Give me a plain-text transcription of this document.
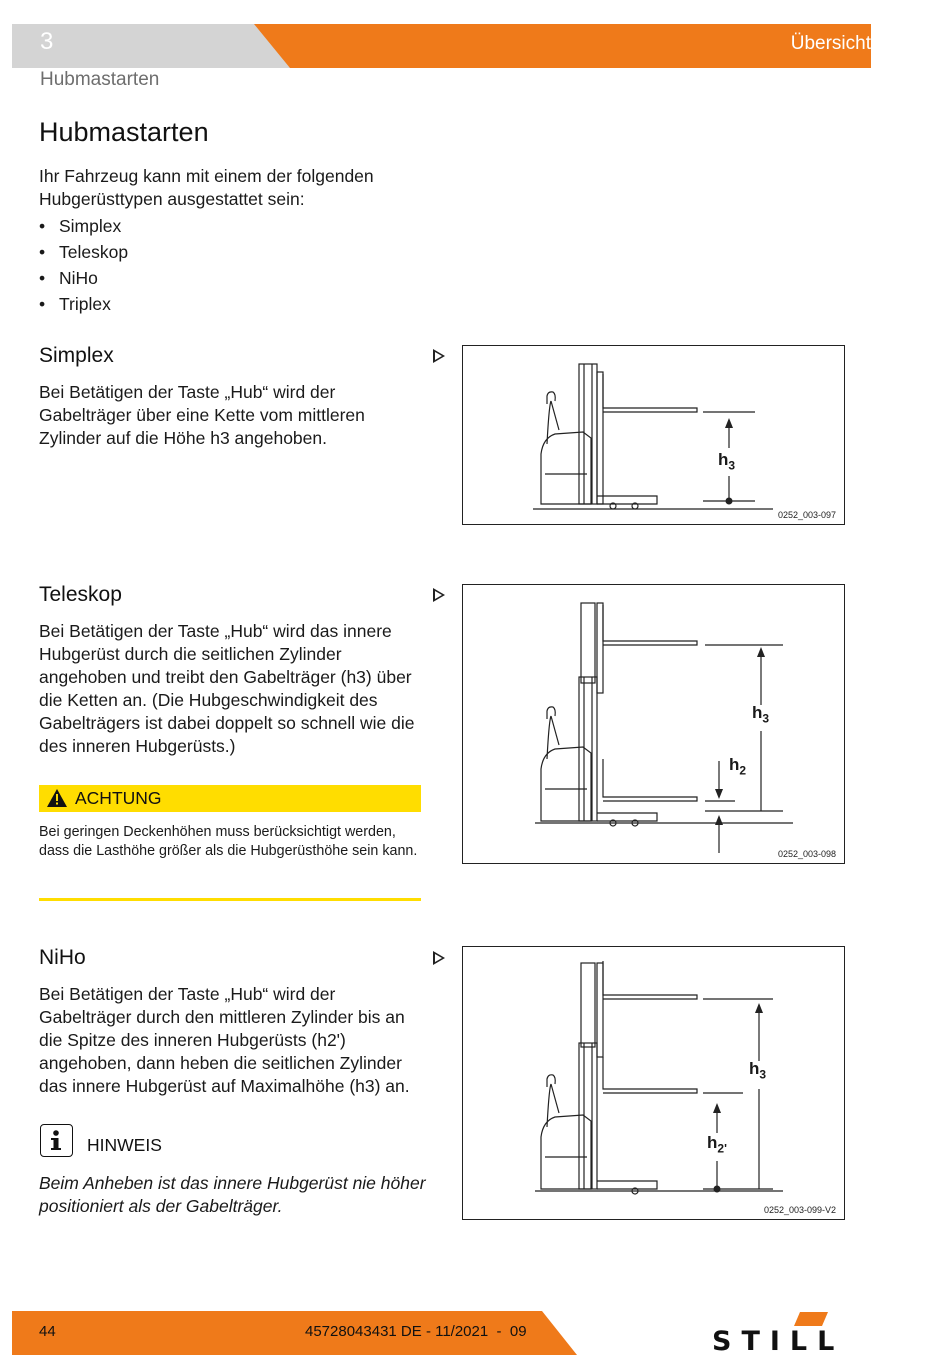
3	Übersicht
Hubmastarten
Hubmastarten
Ihr Fahrzeug kann mit einem der folgenden Hubgerüsttypen ausgestattet sein:
• Simplex
• Teleskop
• NiHo
• Triplex
Simplex
Bei Betätigen der Taste „Hub“ wird der Gabelträger über eine Kette vom mittleren Zylinder auf die Höhe h3 angehoben.
$h_3$
0252_003-097
Teleskop
Bei Betätigen der Taste „Hub“ wird das innere Hubgerüst durch die seitlichen Zylinder angehoben und treibt den Gabelträger (h3) über die Ketten an. (Die Hubgeschwindigkeit des Gabelträgers ist dabei doppelt so schnell wie die des inneren Hubgerüsts.)
$h_3$
$h_2$
0252_003-098
ACHTUNG
Bei geringen Deckenhöhen muss berücksichtigt werden, dass die Lasthöhe größer als die Hubgerüsthöhe sein kann.
NiHo
Bei Betätigen der Taste „Hub“ wird der Gabelträger durch den mittleren Zylinder bis an die Spitze des inneren Hubgerüsts (h2') angehoben, dann heben die seitlichen Zylinder das innere Hubgerüst auf Maximalhöhe (h3) an.
$h_3$
$h_{2'}$
0252_003-099-V2
HINWEIS
Beim Anheben ist das innere Hubgerüst nie höher positioniert als der Gabelträger.
44	45728043431 DE - 11/2021  -  09	STILL
